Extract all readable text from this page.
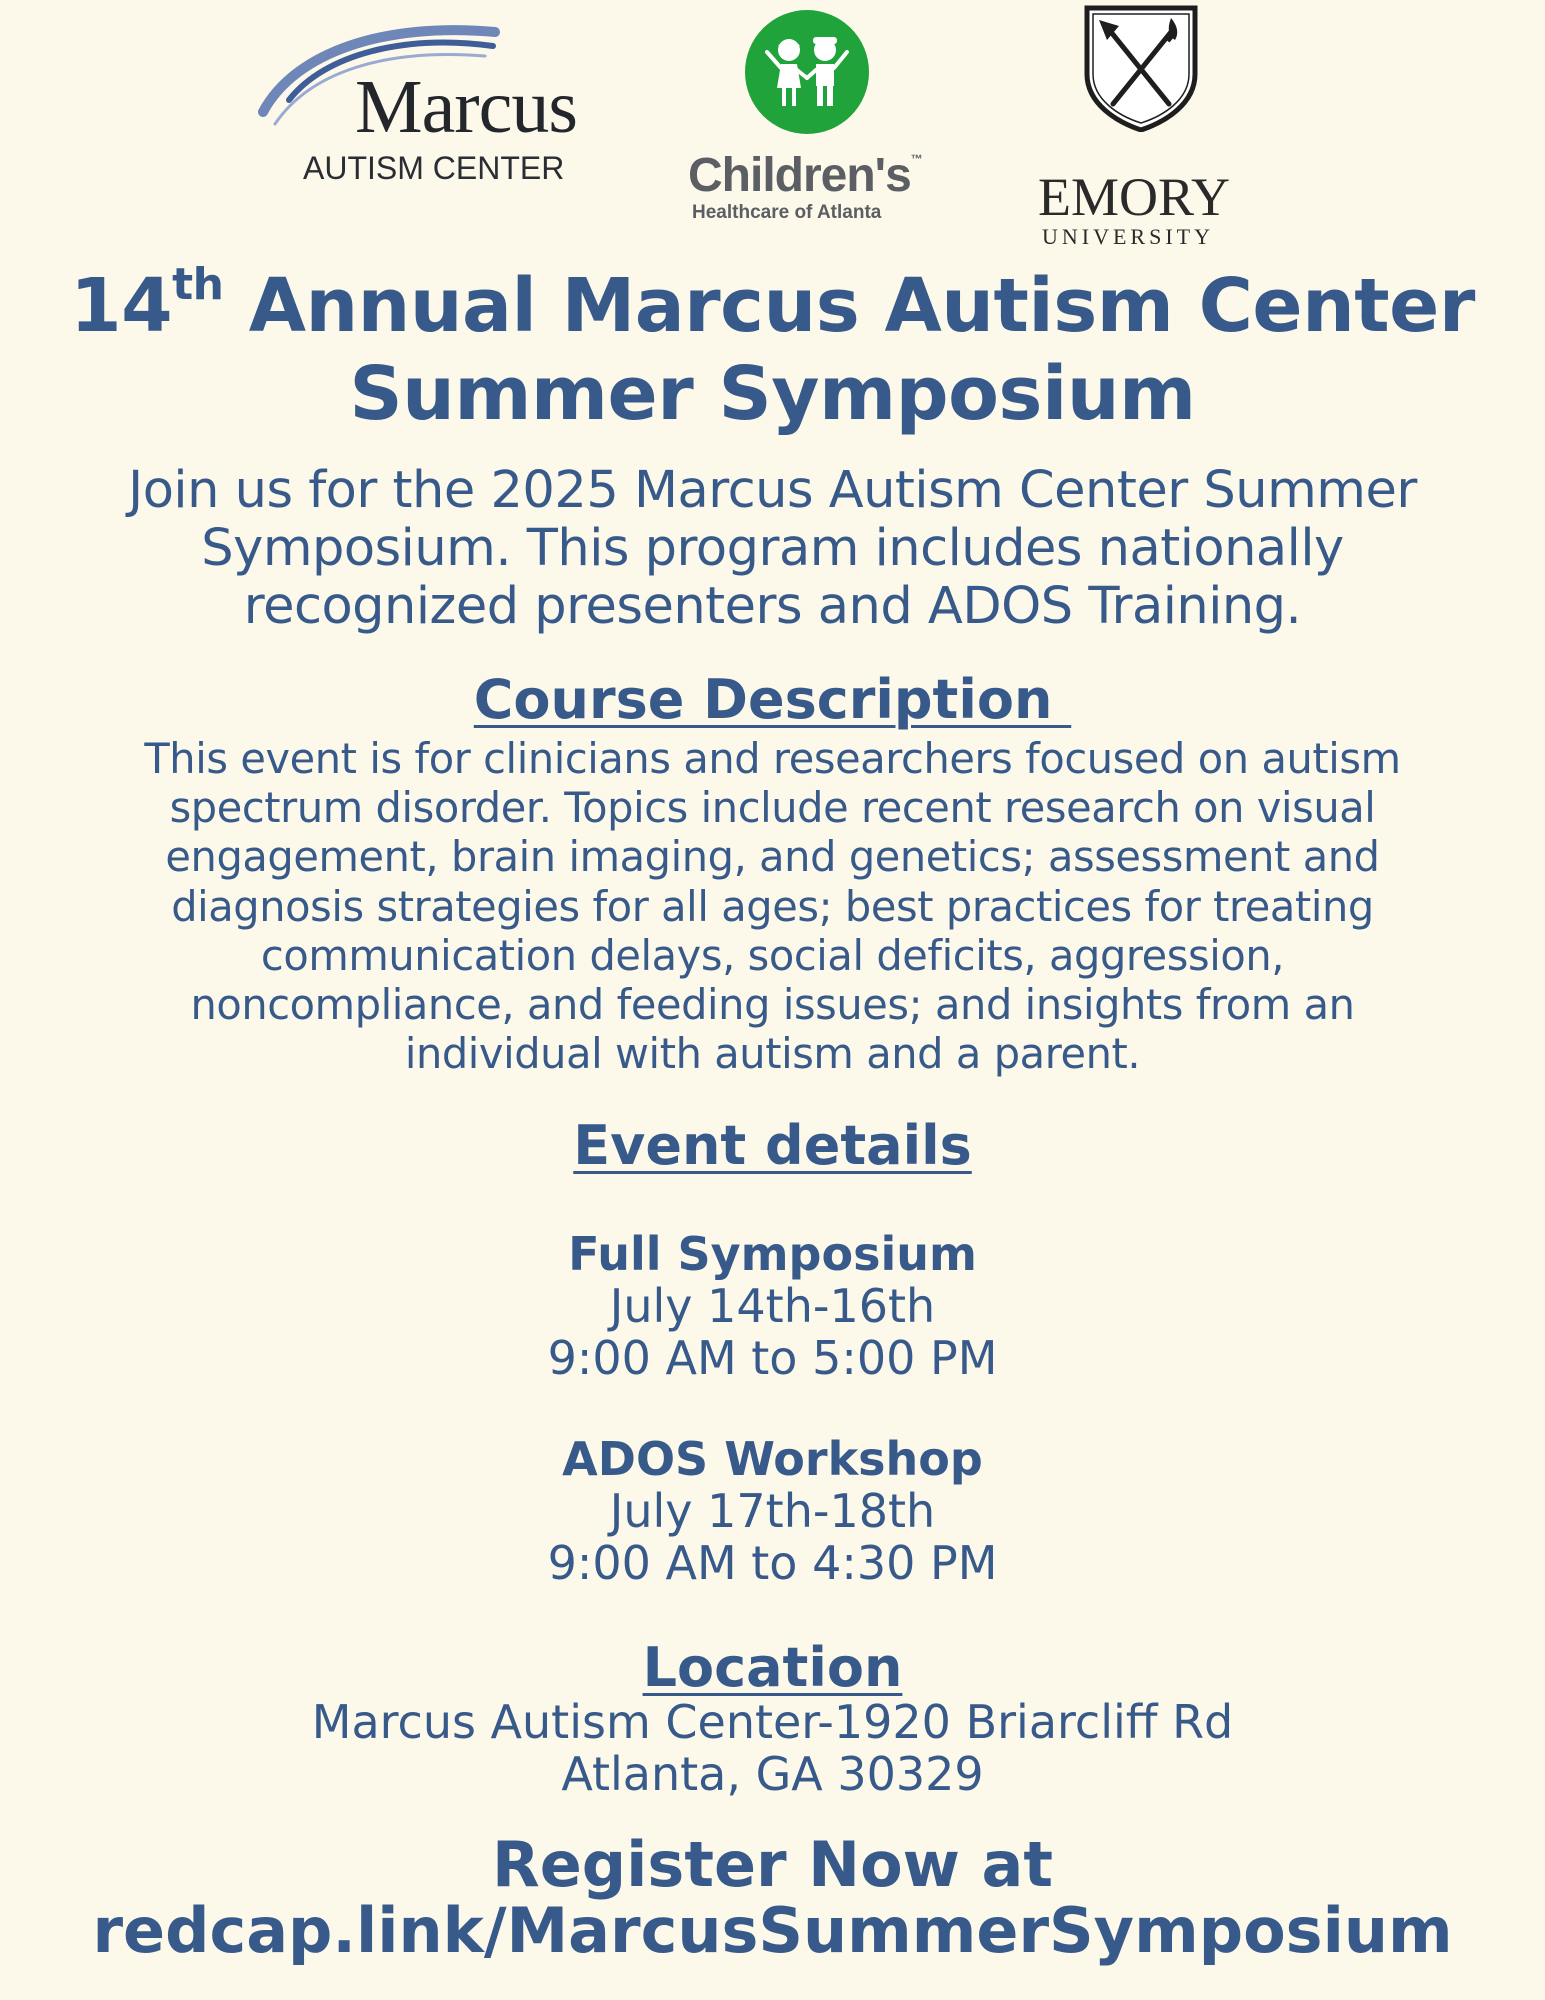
Marcus
AUTISM CENTER	Children's™
Healthcare of Atlanta	EMORY
UNIVERSITY
14th Annual Marcus Autism Center
Summer Symposium
Join us for the 2025 Marcus Autism Center Summer
Symposium. This program includes nationally
recognized presenters and ADOS Training.
Course Description
This event is for clinicians and researchers focused on autism
spectrum disorder. Topics include recent research on visual
engagement, brain imaging, and genetics; assessment and
diagnosis strategies for all ages; best practices for treating
communication delays, social deficits, aggression,
noncompliance, and feeding issues; and insights from an
individual with autism and a parent.
Event details
Full Symposium
July 14th-16th
9:00 AM to 5:00 PM
ADOS Workshop
July 17th-18th
9:00 AM to 4:30 PM
Location
Marcus Autism Center-1920 Briarcliff Rd
Atlanta, GA 30329
Register Now at
redcap.link/MarcusSummerSymposium
